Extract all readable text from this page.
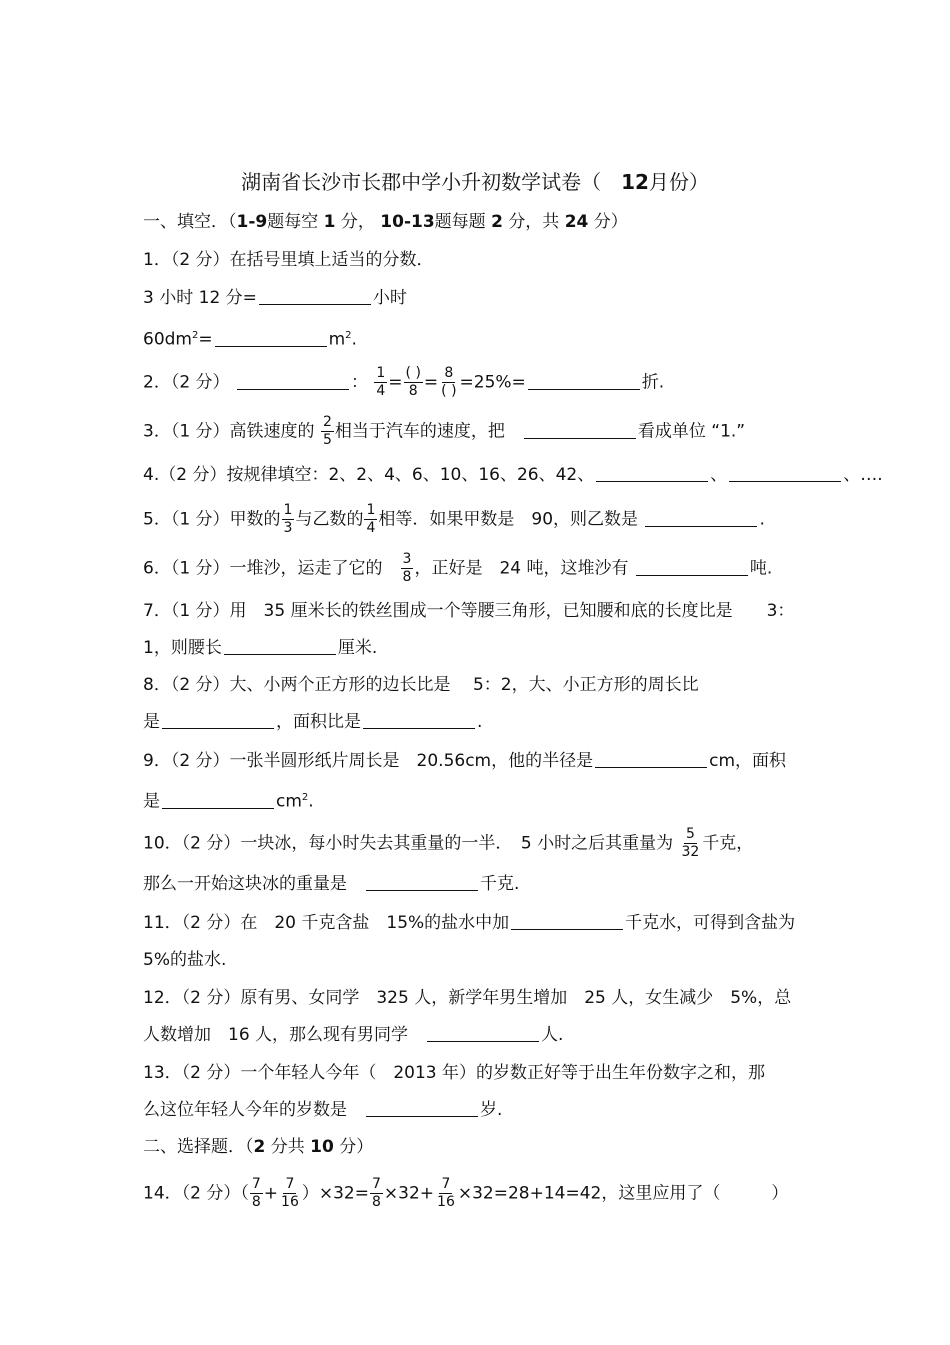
湖南省长沙市长郡中学小升初数学试卷（　 12月份）
一、填空．（1-9题每空 1 分， 10-13题每题 2 分，共 24 分）
1．（2 分）在括号里填上适当的分数．
3 小时 12 分=	小时
$60dm^2=$	$m^2$.
2．（2 分）	： $\frac{1}{4} = \frac{( )}{8} = \frac{8}{( )} =25\%=$	折.
3．（1 分）高铁速度的 $\frac{2}{5}$ 相当于汽车的速度，把　	看成单位 “1.”
4.（2 分）按规律填空：2、2、4、6、10、16、26、42、	、	、….
5．（1 分）甲数的 $\frac{1}{3}$ 与乙数的 $\frac{1}{4}$ 相等．如果甲数是　90，则乙数是	.
6．（1 分）一堆沙，运走了它的　 $\frac{3}{8}$ ，正好是　24 吨，这堆沙有	吨.
7．（1 分）用　35 厘米长的铁丝围成一个等腰三角形，已知腰和底的长度比是　　 3：
1，则腰长	厘米.
8．（2 分）大、小两个正方形的边长比是　 5：2，大、小正方形的周长比
是	，面积比是	.
9．（2 分）一张半圆形纸片周长是　20.56cm，他的半径是	cm，面积
是	$cm^2$.
10．（2 分）一块冰，每小时失去其重量的一半．　5 小时之后其重量为 $\frac{5}{32}$ 千克，
那么一开始这块冰的重量是　	千克.
11．（2 分）在　20 千克含盐　15%的盐水中加	千克水，可得到含盐为
5%的盐水.
12．（2 分）原有男、女同学　325 人，新学年男生增加　25 人，女生减少　5%，总
人数增加　16 人，那么现有男同学　	人.
13．（2 分）一个年轻人今年（　2013 年）的岁数正好等于出生年份数字之和，那
么这位年轻人今年的岁数是　	岁.
二、选择题．（2 分共 10 分）
14．（2 分）（ $\frac{7}{8} + \frac{7}{16} )\times 32= \frac{7}{8} \times 32+ \frac{7}{16} \times 32=28+14=42$，这里应用了（　　　）
